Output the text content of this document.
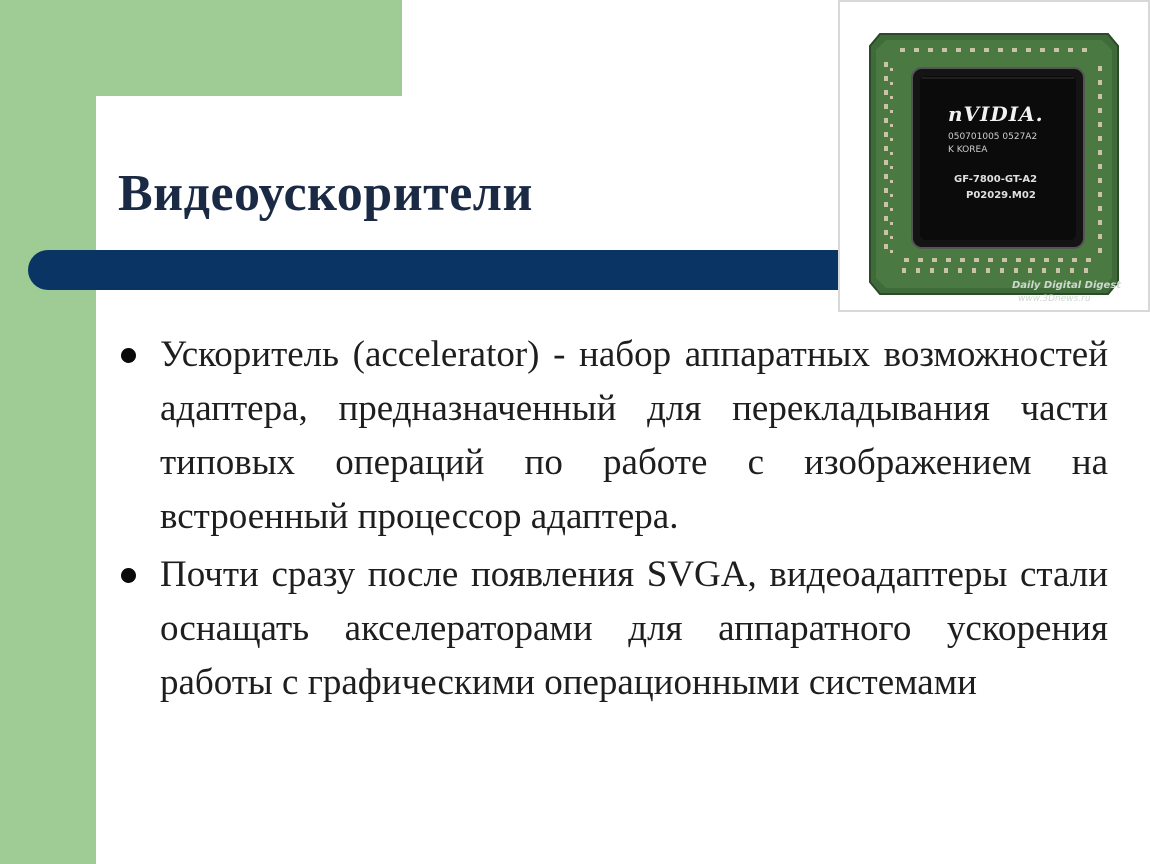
Видеоускорители
Ускоритель (accelerator) - набор аппаратных возможностей адаптера, предназначенный для перекладывания части типовых операций по работе с изображением на встроенный процессор адаптера.
Почти сразу после появления SVGA, видеоадаптеры стали оснащать акселераторами для аппаратного ускорения работы с графическими операционными системами
nVIDIA.
050701005 0527A2
K KOREA
GF-7800-GT-A2
P02029.M02
Daily Digital Digest
www.3Dnews.ru
